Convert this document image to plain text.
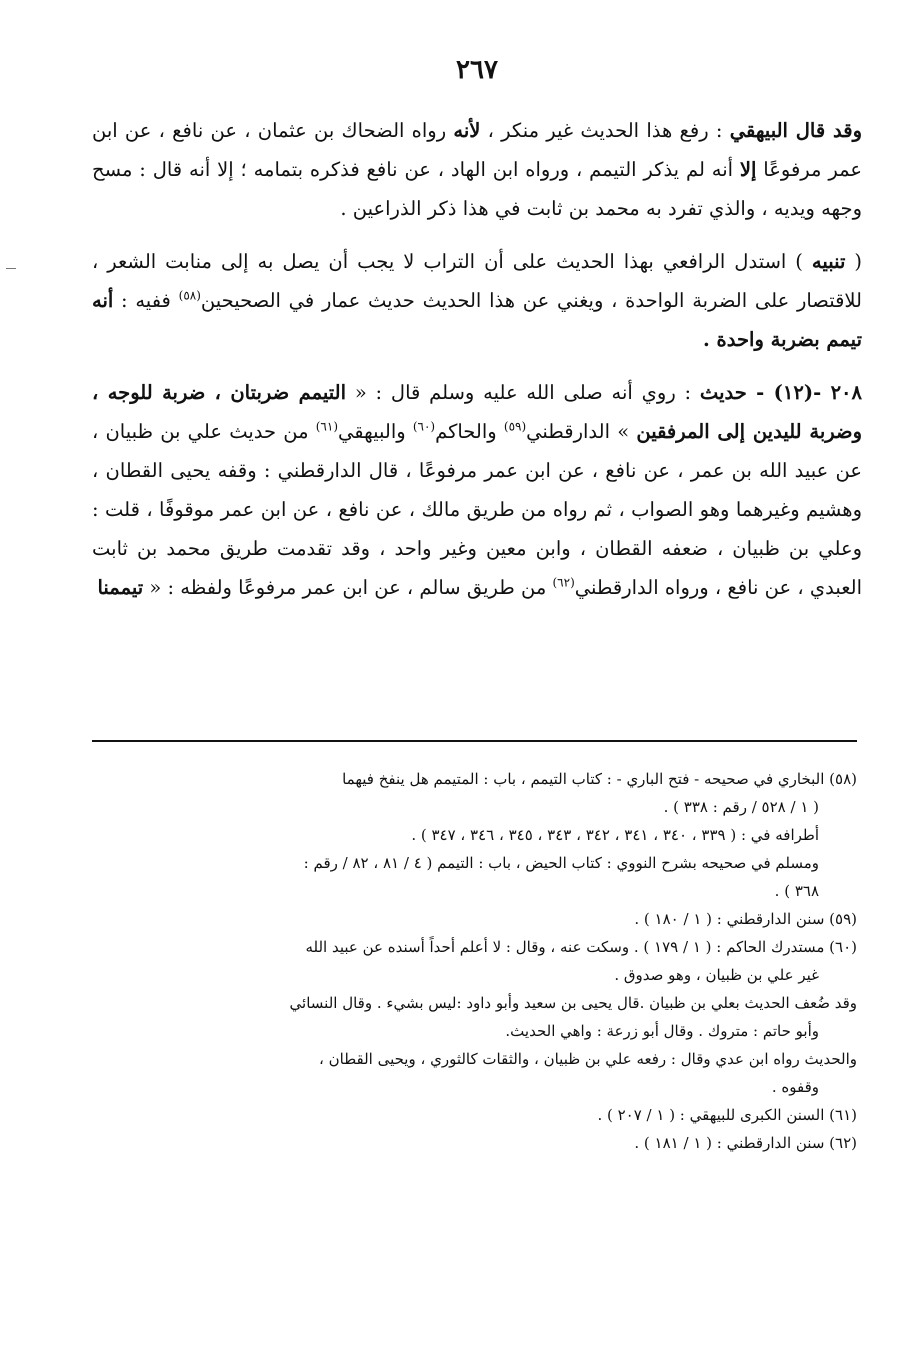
٢٦٧

وقد قال البيهقي : رفع هذا الحديث غير منكر ، لأنه رواه الضحاك بن عثمان ، عن نافع ، عن ابن عمر مرفوعًا إلا أنه لم يذكر التيمم ، ورواه ابن الهاد ، عن نافع فذكره بتمامه ؛ إلا أنه قال : مسح وجهه ويديه ، والذي تفرد به محمد بن ثابت في هذا ذكر الذراعين .

( تنبيه ) استدل الرافعي بهذا الحديث على أن التراب لا يجب أن يصل به إلى منابت الشعر ، للاقتصار على الضربة الواحدة ، ويغني عن هذا الحديث حديث عمار في الصحيحين$^{(٥٨)}$ ففيه : أنه تيمم بضربة واحدة .

٢٠٨ -(١٢) - حديث : روي أنه صلى الله عليه وسلم قال : « التيمم ضربتان ، ضربة للوجه ، وضربة لليدين إلى المرفقين » الدارقطني$^{(٥٩)}$ والحاكم$^{(٦٠)}$ والبيهقي$^{(٦١)}$ من حديث علي بن ظبيان ، عن عبيد الله بن عمر ، عن نافع ، عن ابن عمر مرفوعًا ، قال الدارقطني : وقفه يحيى القطان ، وهشيم وغيرهما وهو الصواب ، ثم رواه من طريق مالك ، عن نافع ، عن ابن عمر موقوفًا ، قلت : وعلي بن ظبيان ، ضعفه القطان ، وابن معين وغير واحد ، وقد تقدمت طريق محمد بن ثابت العبدي ، عن نافع ، ورواه الدارقطني$^{(٦٢)}$ من طريق سالم ، عن ابن عمر مرفوعًا ولفظه : « تيممنا

(٥٨) البخاري في صحيحه - فتح الباري - : كتاب التيمم ، باب : المتيمم هل ينفخ فيهما

( ١ / ٥٢٨ / رقم : ٣٣٨ ) .

أطرافه في : ( ٣٣٩ ، ٣٤٠ ، ٣٤١ ، ٣٤٢ ، ٣٤٣ ، ٣٤٥ ، ٣٤٦ ، ٣٤٧ ) .

ومسلم في صحيحه بشرح النووي : كتاب الحيض ، باب : التيمم ( ٤ / ٨١ ، ٨٢ / رقم :

٣٦٨ ) .

(٥٩) سنن الدارقطني : ( ١ / ١٨٠ ) .

(٦٠) مستدرك الحاكم : ( ١ / ١٧٩ ) . وسكت عنه ، وقال : لا أعلم أحداً أسنده عن عبيد الله

غير علي بن ظبيان ، وهو صدوق .

وقد ضُعف الحديث بعلي بن ظبيان .قال يحيى بن سعيد وأبو داود :ليس بشيء . وقال النسائي

وأبو حاتم : متروك . وقال أبو زرعة : واهي الحديث.

والحديث رواه ابن عدي وقال : رفعه علي بن ظبيان ، والثقات كالثوري ، ويحيى القطان ،

وقفوه .

(٦١) السنن الكبرى للبيهقي : ( ١ / ٢٠٧ ) .

(٦٢) سنن الدارقطني : ( ١ / ١٨١ ) .
